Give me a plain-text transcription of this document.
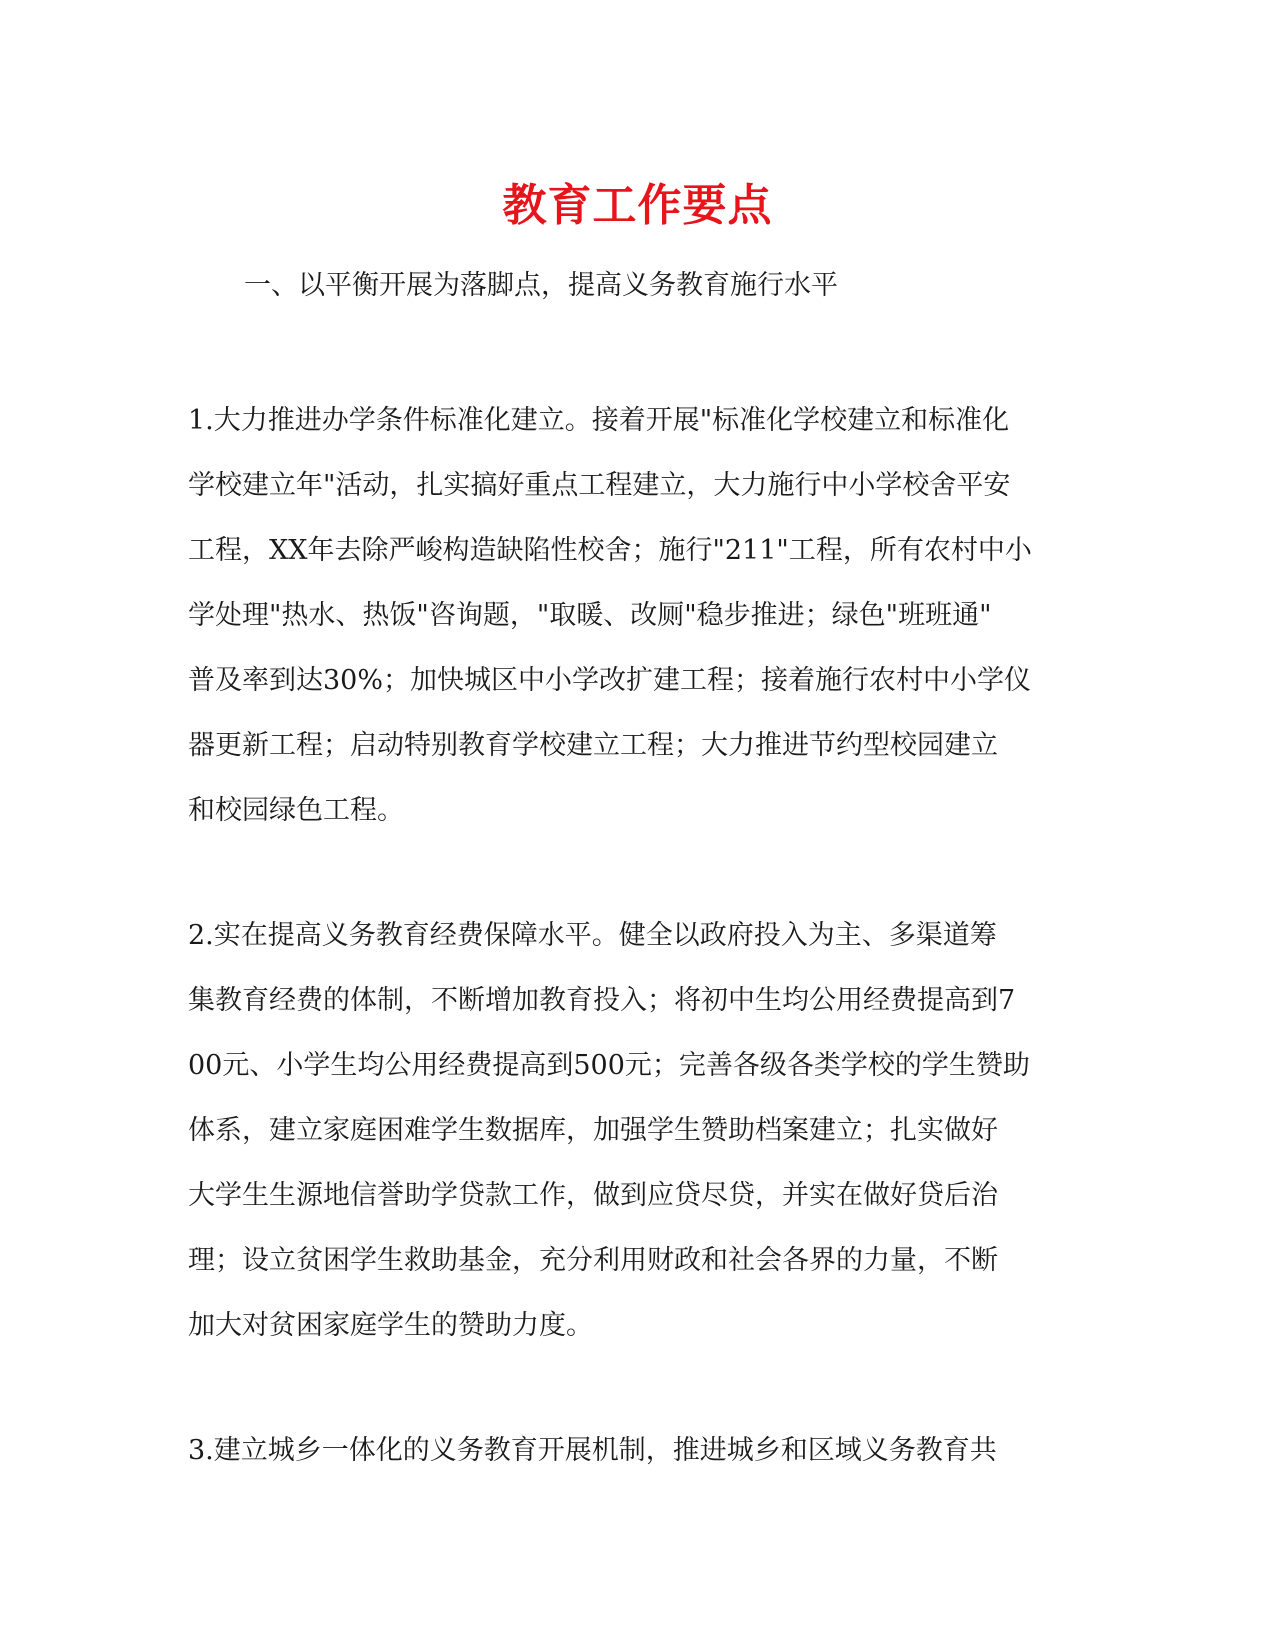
教育工作要点

一、以平衡开展为落脚点，提高义务教育施行水平

1.大力推进办学条件标准化建立。接着开展"标准化学校建立和标准化
学校建立年"活动，扎实搞好重点工程建立，大力施行中小学校舍平安
工程，XX年去除严峻构造缺陷性校舍；施行"211"工程，所有农村中小
学处理"热水、热饭"咨询题，"取暖、改厕"稳步推进；绿色"班班通"
普及率到达30%；加快城区中小学改扩建工程；接着施行农村中小学仪
器更新工程；启动特别教育学校建立工程；大力推进节约型校园建立
和校园绿色工程。
2.实在提高义务教育经费保障水平。健全以政府投入为主、多渠道筹
集教育经费的体制，不断增加教育投入；将初中生均公用经费提高到7
00元、小学生均公用经费提高到500元；完善各级各类学校的学生赞助
体系，建立家庭困难学生数据库，加强学生赞助档案建立；扎实做好
大学生生源地信誉助学贷款工作，做到应贷尽贷，并实在做好贷后治
理；设立贫困学生救助基金，充分利用财政和社会各界的力量，不断
加大对贫困家庭学生的赞助力度。
3.建立城乡一体化的义务教育开展机制，推进城乡和区域义务教育共
